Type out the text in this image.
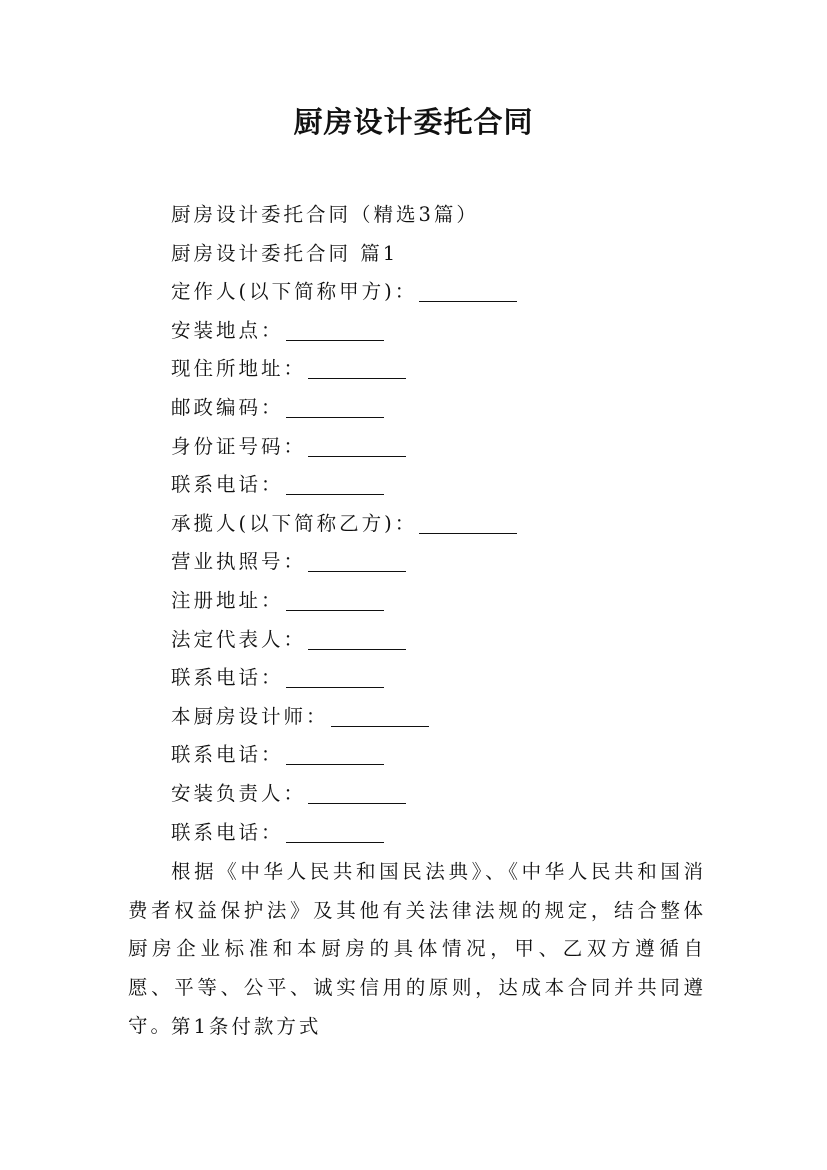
厨房设计委托合同
厨房设计委托合同（精选3篇）
厨房设计委托合同 篇1
定作人(以下简称甲方)：
安装地点：
现住所地址：
邮政编码：
身份证号码：
联系电话：
承揽人(以下简称乙方)：
营业执照号：
注册地址：
法定代表人：
联系电话：
本厨房设计师：
联系电话：
安装负责人：
联系电话：
根据《中华人民共和国民法典》、《中华人民共和国消费者权益保护法》及其他有关法律法规的规定，结合整体厨房企业标准和本厨房的具体情况，甲、乙双方遵循自愿、平等、公平、诚实信用的原则，达成本合同并共同遵守。
第1条付款方式
